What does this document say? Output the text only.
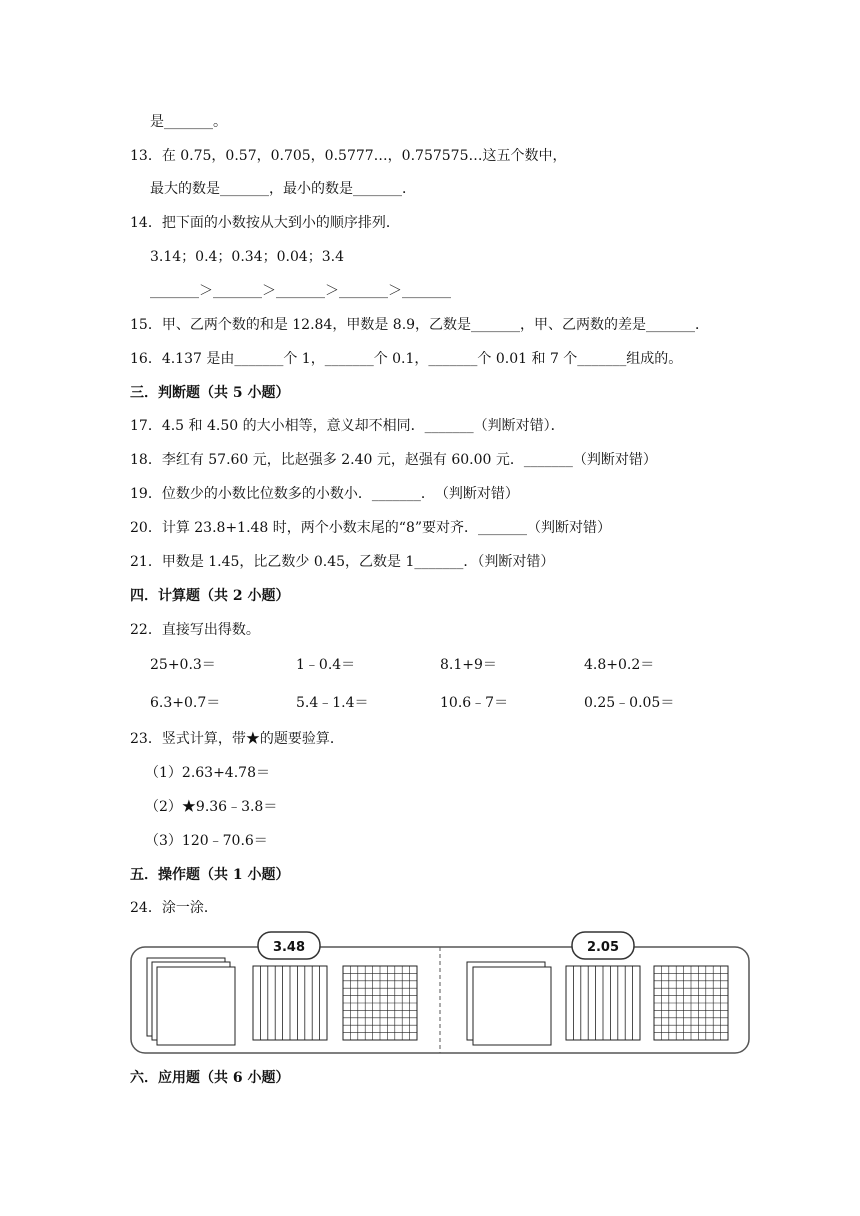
是_______。
13．在 0.75，0.57，0.705，0.5777…，0.757575…这五个数中，
最大的数是_______，最小的数是_______．
14．把下面的小数按从大到小的顺序排列．
3.14；0.4；0.34；0.04；3.4
_______＞_______＞_______＞_______＞_______
15．甲、乙两个数的和是 12.84，甲数是 8.9，乙数是_______，甲、乙两数的差是_______．
16．4.137 是由_______个 1，_______个 0.1，_______个 0.01 和 7 个_______组成的。
三．判断题（共 5 小题）
17．4.5 和 4.50 的大小相等，意义却不相同．_______（判断对错）．
18．李红有 57.60 元，比赵强多 2.40 元，赵强有 60.00 元．_______（判断对错）
19．位数少的小数比位数多的小数小．_______．　（判断对错）
20．计算 23.8+1.48 时，两个小数末尾的“8”要对齐．_______（判断对错）
21．甲数是 1.45，比乙数少 0.45，乙数是 1_______．（判断对错）
四．计算题（共 2 小题）
22．直接写出得数。
25+0.3＝	1﹣0.4＝	8.1+9＝	4.8+0.2＝
6.3+0.7＝	5.4﹣1.4＝	10.6﹣7＝	0.25﹣0.05＝
23．竖式计算，带★的题要验算．
（1）2.63+4.78＝
（2）★9.36﹣3.8＝
（3）120﹣70.6＝
五．操作题（共 1 小题）
24．涂一涂．
3.48	2.05
六．应用题（共 6 小题）
